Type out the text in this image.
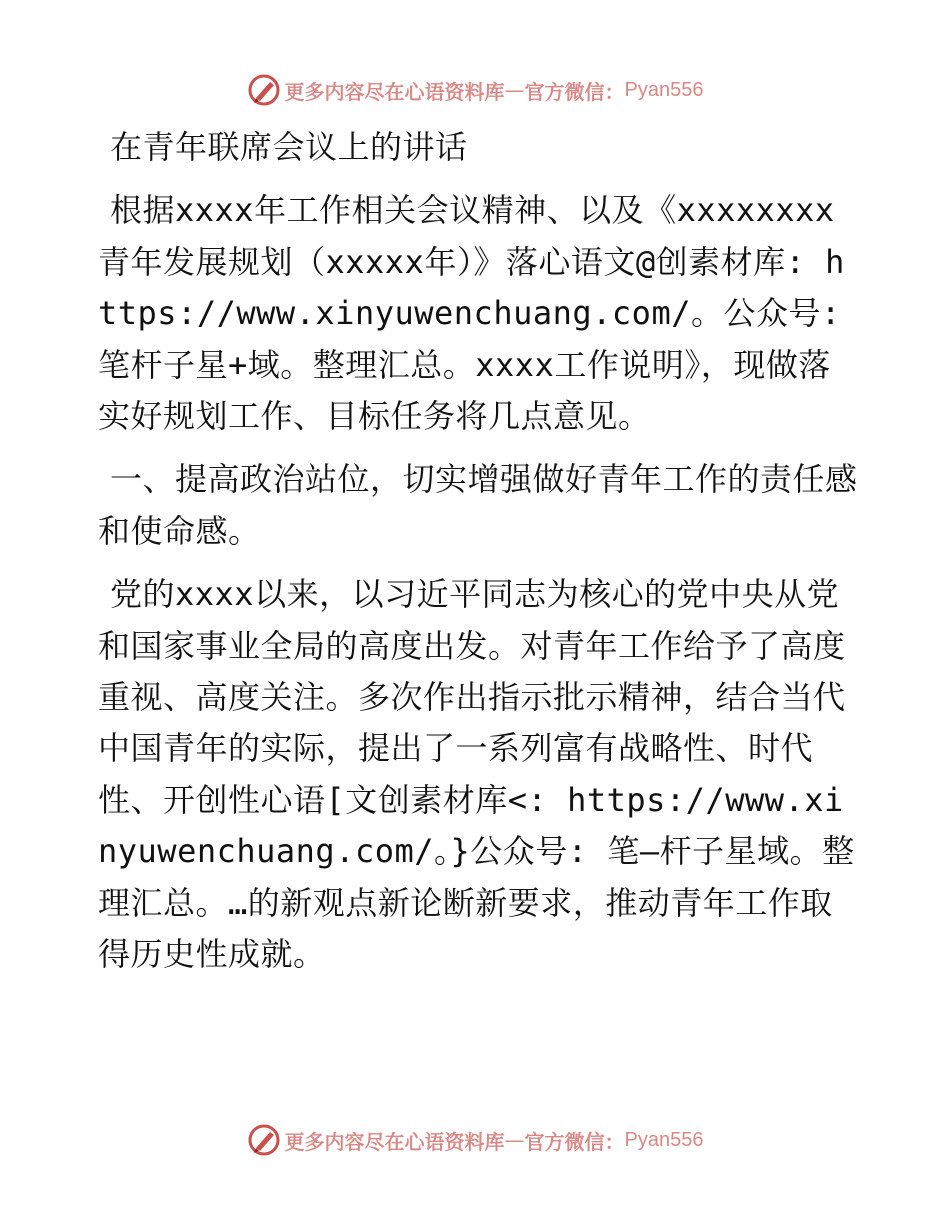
更多内容尽在心语资料库 — 官方微信： Pyan556

在青年联席会议上的讲话

根据xxxx年工作相关会议精神、以及《xxxxxxxx青年发展规划（xxxxx年）》落心语文@创素材库: https://www.xinyuwenchuang.com/。公众号: 笔杆子星+域。整理汇总。xxxx工作说明》，现做落实好规划工作、目标任务将几点意见。

一、提高政治站位，切实增强做好青年工作的责任感和使命感。

党的xxxx以来，以习近平同志为核心的党中央从党和国家事业全局的高度出发。对青年工作给予了高度重视、高度关注。多次作出指示批示精神，结合当代中国青年的实际，提出了一系列富有战略性、时代性、开创性心语[文创素材库<: https://www.xinyuwenchuang.com/。}公众号: 笔—杆子星域。整理汇总。…的新观点新论断新要求，推动青年工作取得历史性成就。

更多内容尽在心语资料库 — 官方微信： Pyan556
